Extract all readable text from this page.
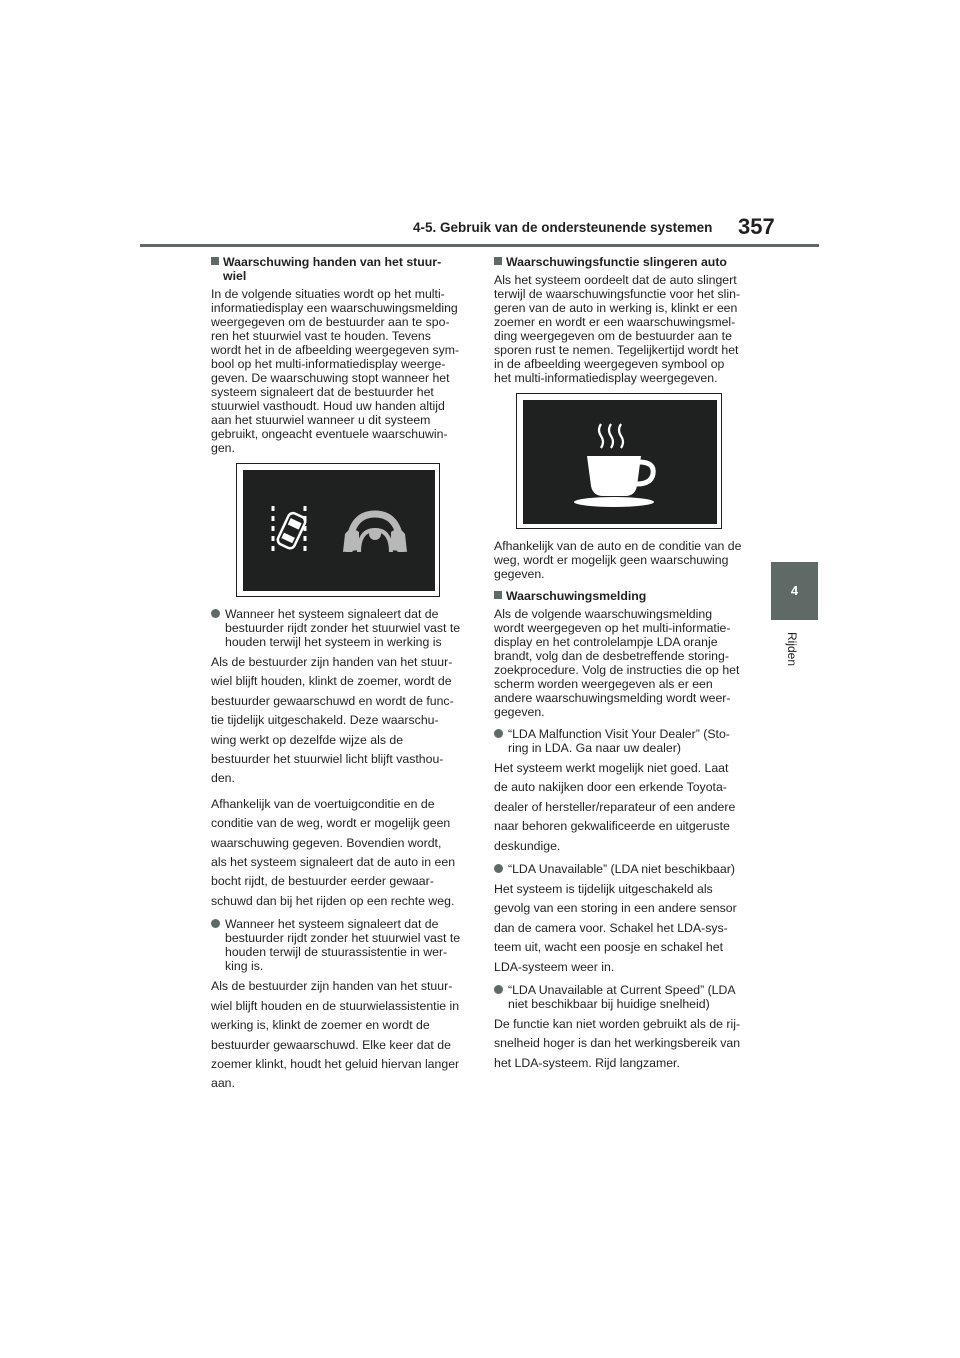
4-5. Gebruik van de ondersteunende systemen 357
4
Rijden
Waarschuwing handen van het stuur-
wiel
In de volgende situaties wordt op het multi-
informatiedisplay een waarschuwingsmelding
weergegeven om de bestuurder aan te spo-
ren het stuurwiel vast te houden. Tevens
wordt het in de afbeelding weergegeven sym-
bool op het multi-informatiedisplay weerge-
geven. De waarschuwing stopt wanneer het
systeem signaleert dat de bestuurder het
stuurwiel vasthoudt. Houd uw handen altijd
aan het stuurwiel wanneer u dit systeem
gebruikt, ongeacht eventuele waarschuwin-
gen.
Wanneer het systeem signaleert dat de
bestuurder rijdt zonder het stuurwiel vast te
houden terwijl het systeem in werking is
Als de bestuurder zijn handen van het stuur-
wiel blijft houden, klinkt de zoemer, wordt de
bestuurder gewaarschuwd en wordt de func-
tie tijdelijk uitgeschakeld. Deze waarschu-
wing werkt op dezelfde wijze als de
bestuurder het stuurwiel licht blijft vasthou-
den.
Afhankelijk van de voertuigconditie en de
conditie van de weg, wordt er mogelijk geen
waarschuwing gegeven. Bovendien wordt,
als het systeem signaleert dat de auto in een
bocht rijdt, de bestuurder eerder gewaar-
schuwd dan bij het rijden op een rechte weg.
Wanneer het systeem signaleert dat de
bestuurder rijdt zonder het stuurwiel vast te
houden terwijl de stuurassistentie in wer-
king is.
Als de bestuurder zijn handen van het stuur-
wiel blijft houden en de stuurwielassistentie in
werking is, klinkt de zoemer en wordt de
bestuurder gewaarschuwd. Elke keer dat de
zoemer klinkt, houdt het geluid hiervan langer
aan.
Waarschuwingsfunctie slingeren auto
Als het systeem oordeelt dat de auto slingert
terwijl de waarschuwingsfunctie voor het slin-
geren van de auto in werking is, klinkt er een
zoemer en wordt er een waarschuwingsmel-
ding weergegeven om de bestuurder aan te
sporen rust te nemen. Tegelijkertijd wordt het
in de afbeelding weergegeven symbool op
het multi-informatiedisplay weergegeven.
Afhankelijk van de auto en de conditie van de
weg, wordt er mogelijk geen waarschuwing
gegeven.
Waarschuwingsmelding
Als de volgende waarschuwingsmelding
wordt weergegeven op het multi-informatie-
display en het controlelampje LDA oranje
brandt, volg dan de desbetreffende storing-
zoekprocedure. Volg de instructies die op het
scherm worden weergegeven als er een
andere waarschuwingsmelding wordt weer-
gegeven.
“LDA Malfunction Visit Your Dealer” (Sto-
ring in LDA. Ga naar uw dealer)
Het systeem werkt mogelijk niet goed. Laat
de auto nakijken door een erkende Toyota-
dealer of hersteller/reparateur of een andere
naar behoren gekwalificeerde en uitgeruste
deskundige.
“LDA Unavailable” (LDA niet beschikbaar)
Het systeem is tijdelijk uitgeschakeld als
gevolg van een storing in een andere sensor
dan de camera voor. Schakel het LDA-sys-
teem uit, wacht een poosje en schakel het
LDA-systeem weer in.
“LDA Unavailable at Current Speed” (LDA
niet beschikbaar bij huidige snelheid)
De functie kan niet worden gebruikt als de rij-
snelheid hoger is dan het werkingsbereik van
het LDA-systeem. Rijd langzamer.
